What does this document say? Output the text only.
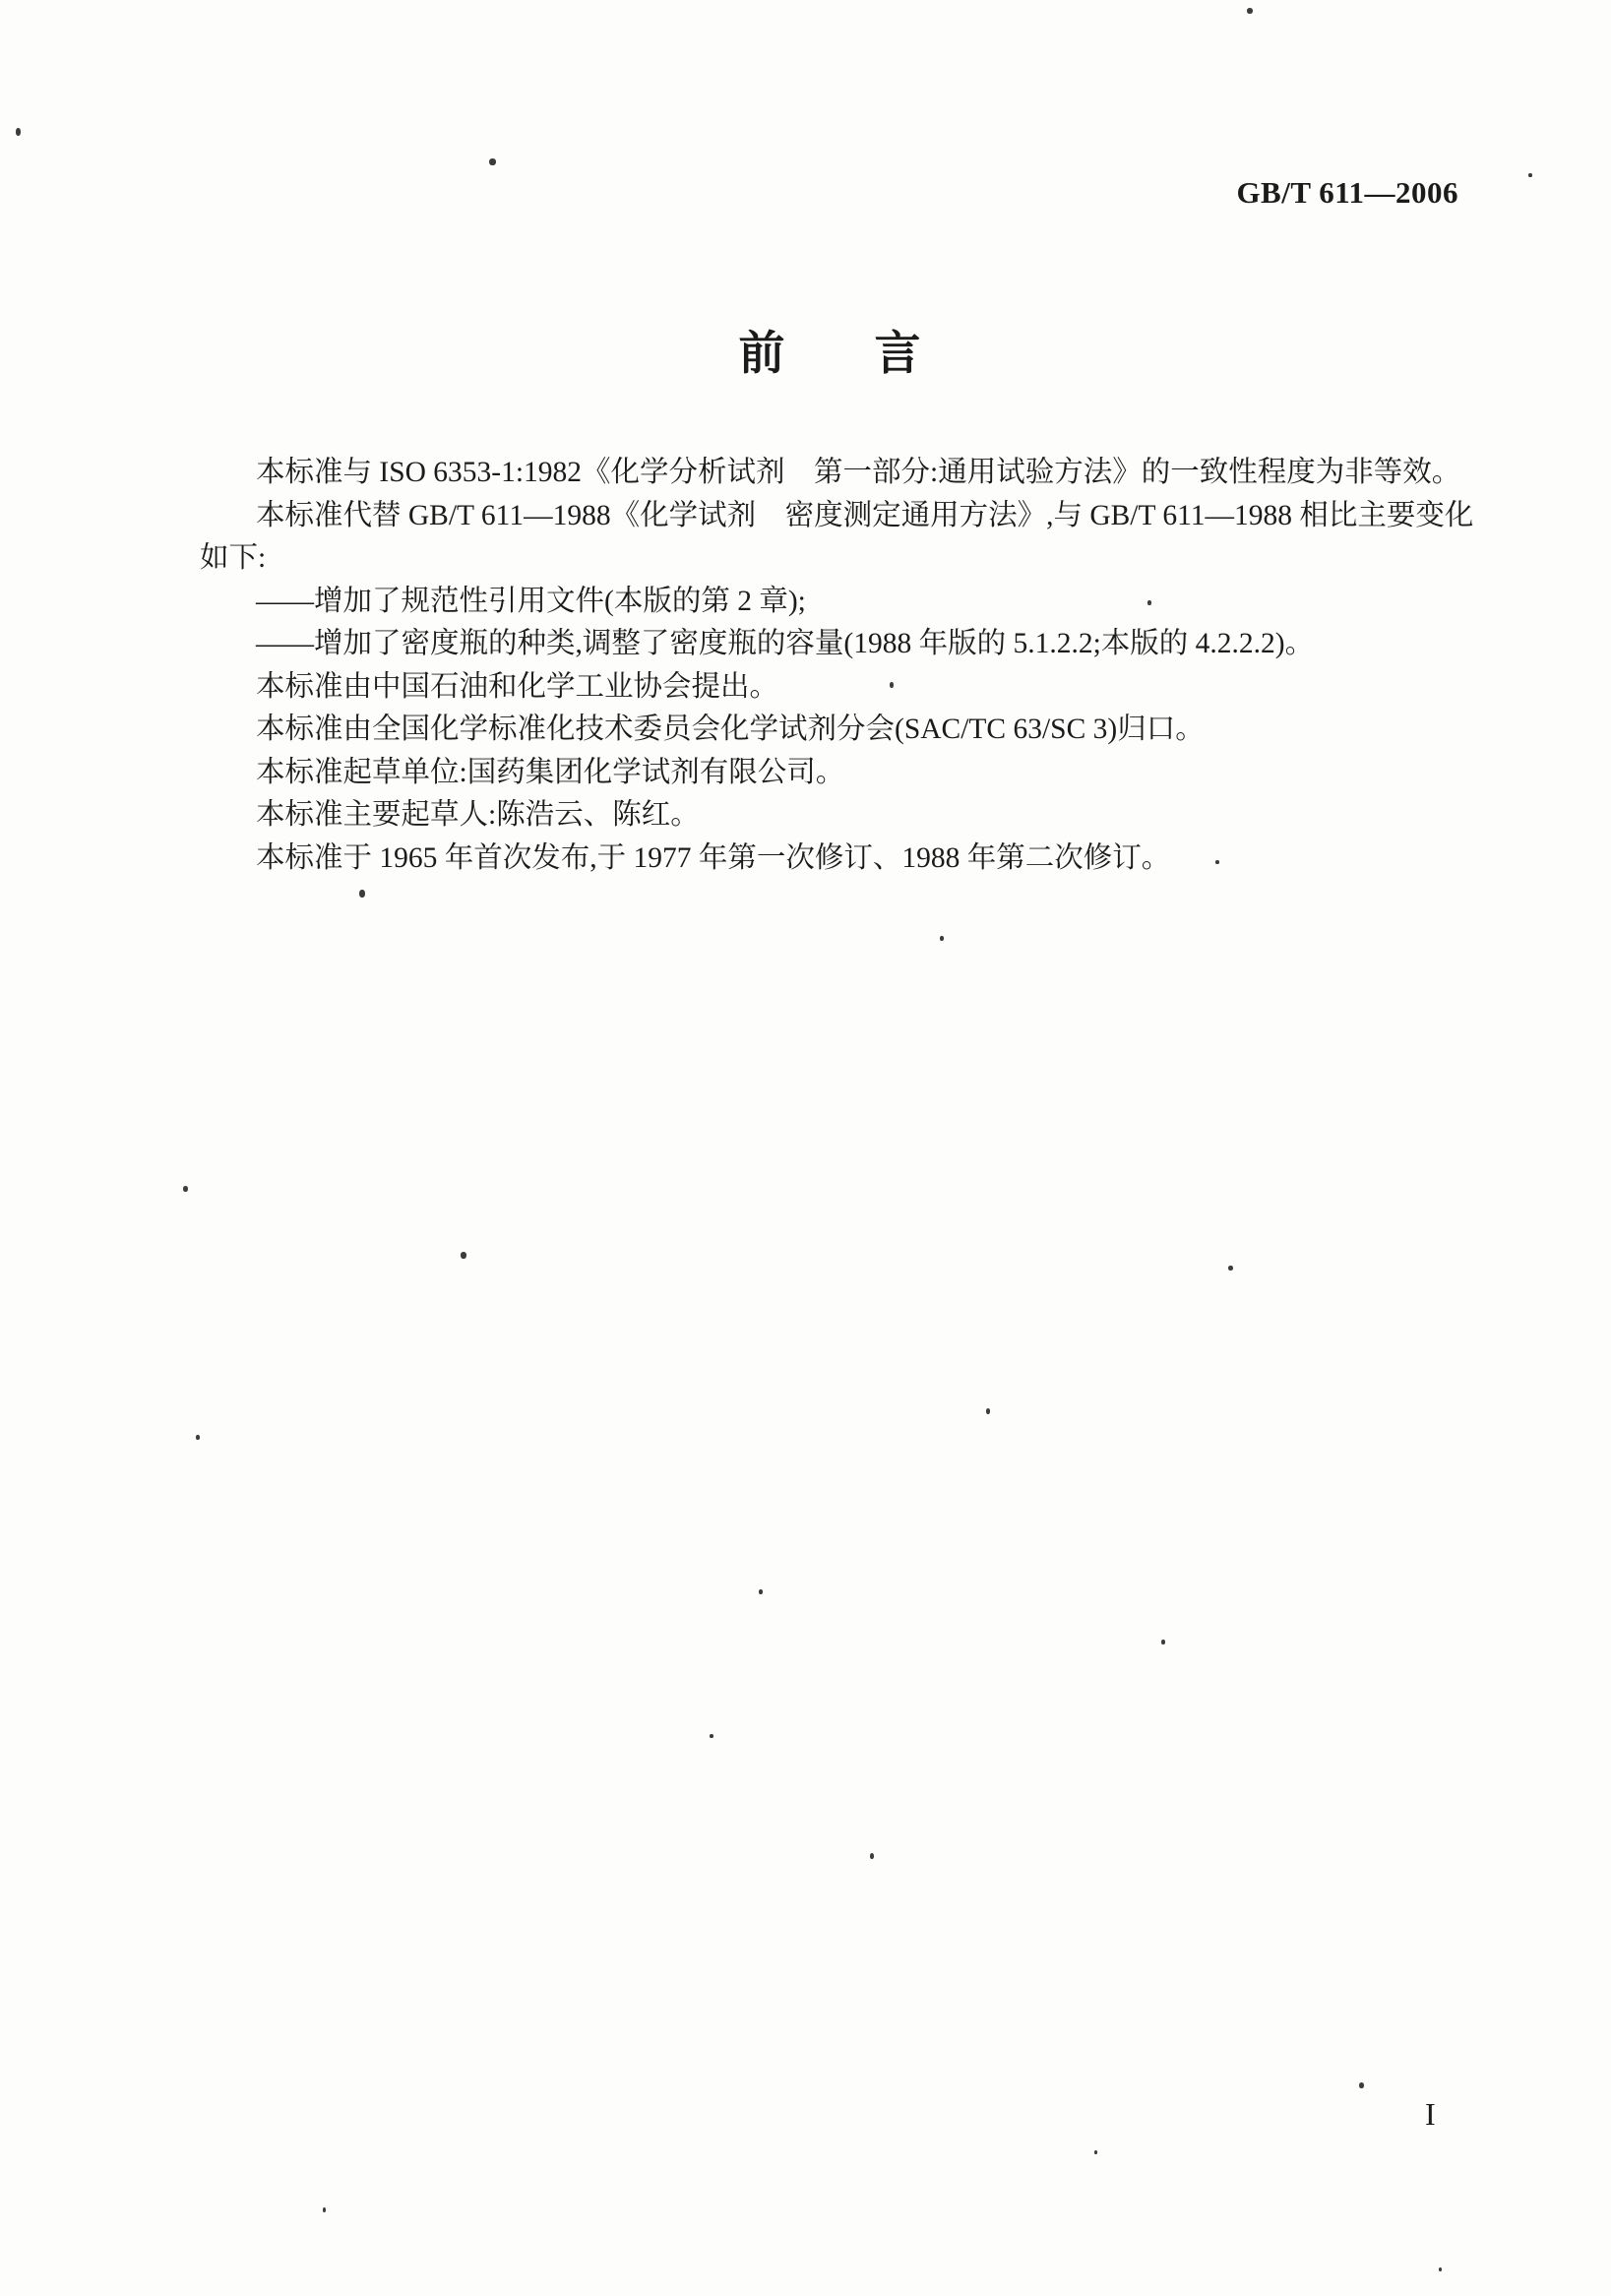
GB/T 611—2006
前 言
本标准与 ISO 6353-1:1982《化学分析试剂　第一部分:通用试验方法》的一致性程度为非等效。
本标准代替 GB/T 611—1988《化学试剂　密度测定通用方法》,与 GB/T 611—1988 相比主要变化
如下:
——增加了规范性引用文件(本版的第 2 章);
——增加了密度瓶的种类,调整了密度瓶的容量(1988 年版的 5.1.2.2;本版的 4.2.2.2)。
本标准由中国石油和化学工业协会提出。
本标准由全国化学标准化技术委员会化学试剂分会(SAC/TC 63/SC 3)归口。
本标准起草单位:国药集团化学试剂有限公司。
本标准主要起草人:陈浩云、陈红。
本标准于 1965 年首次发布,于 1977 年第一次修订、1988 年第二次修订。
I
